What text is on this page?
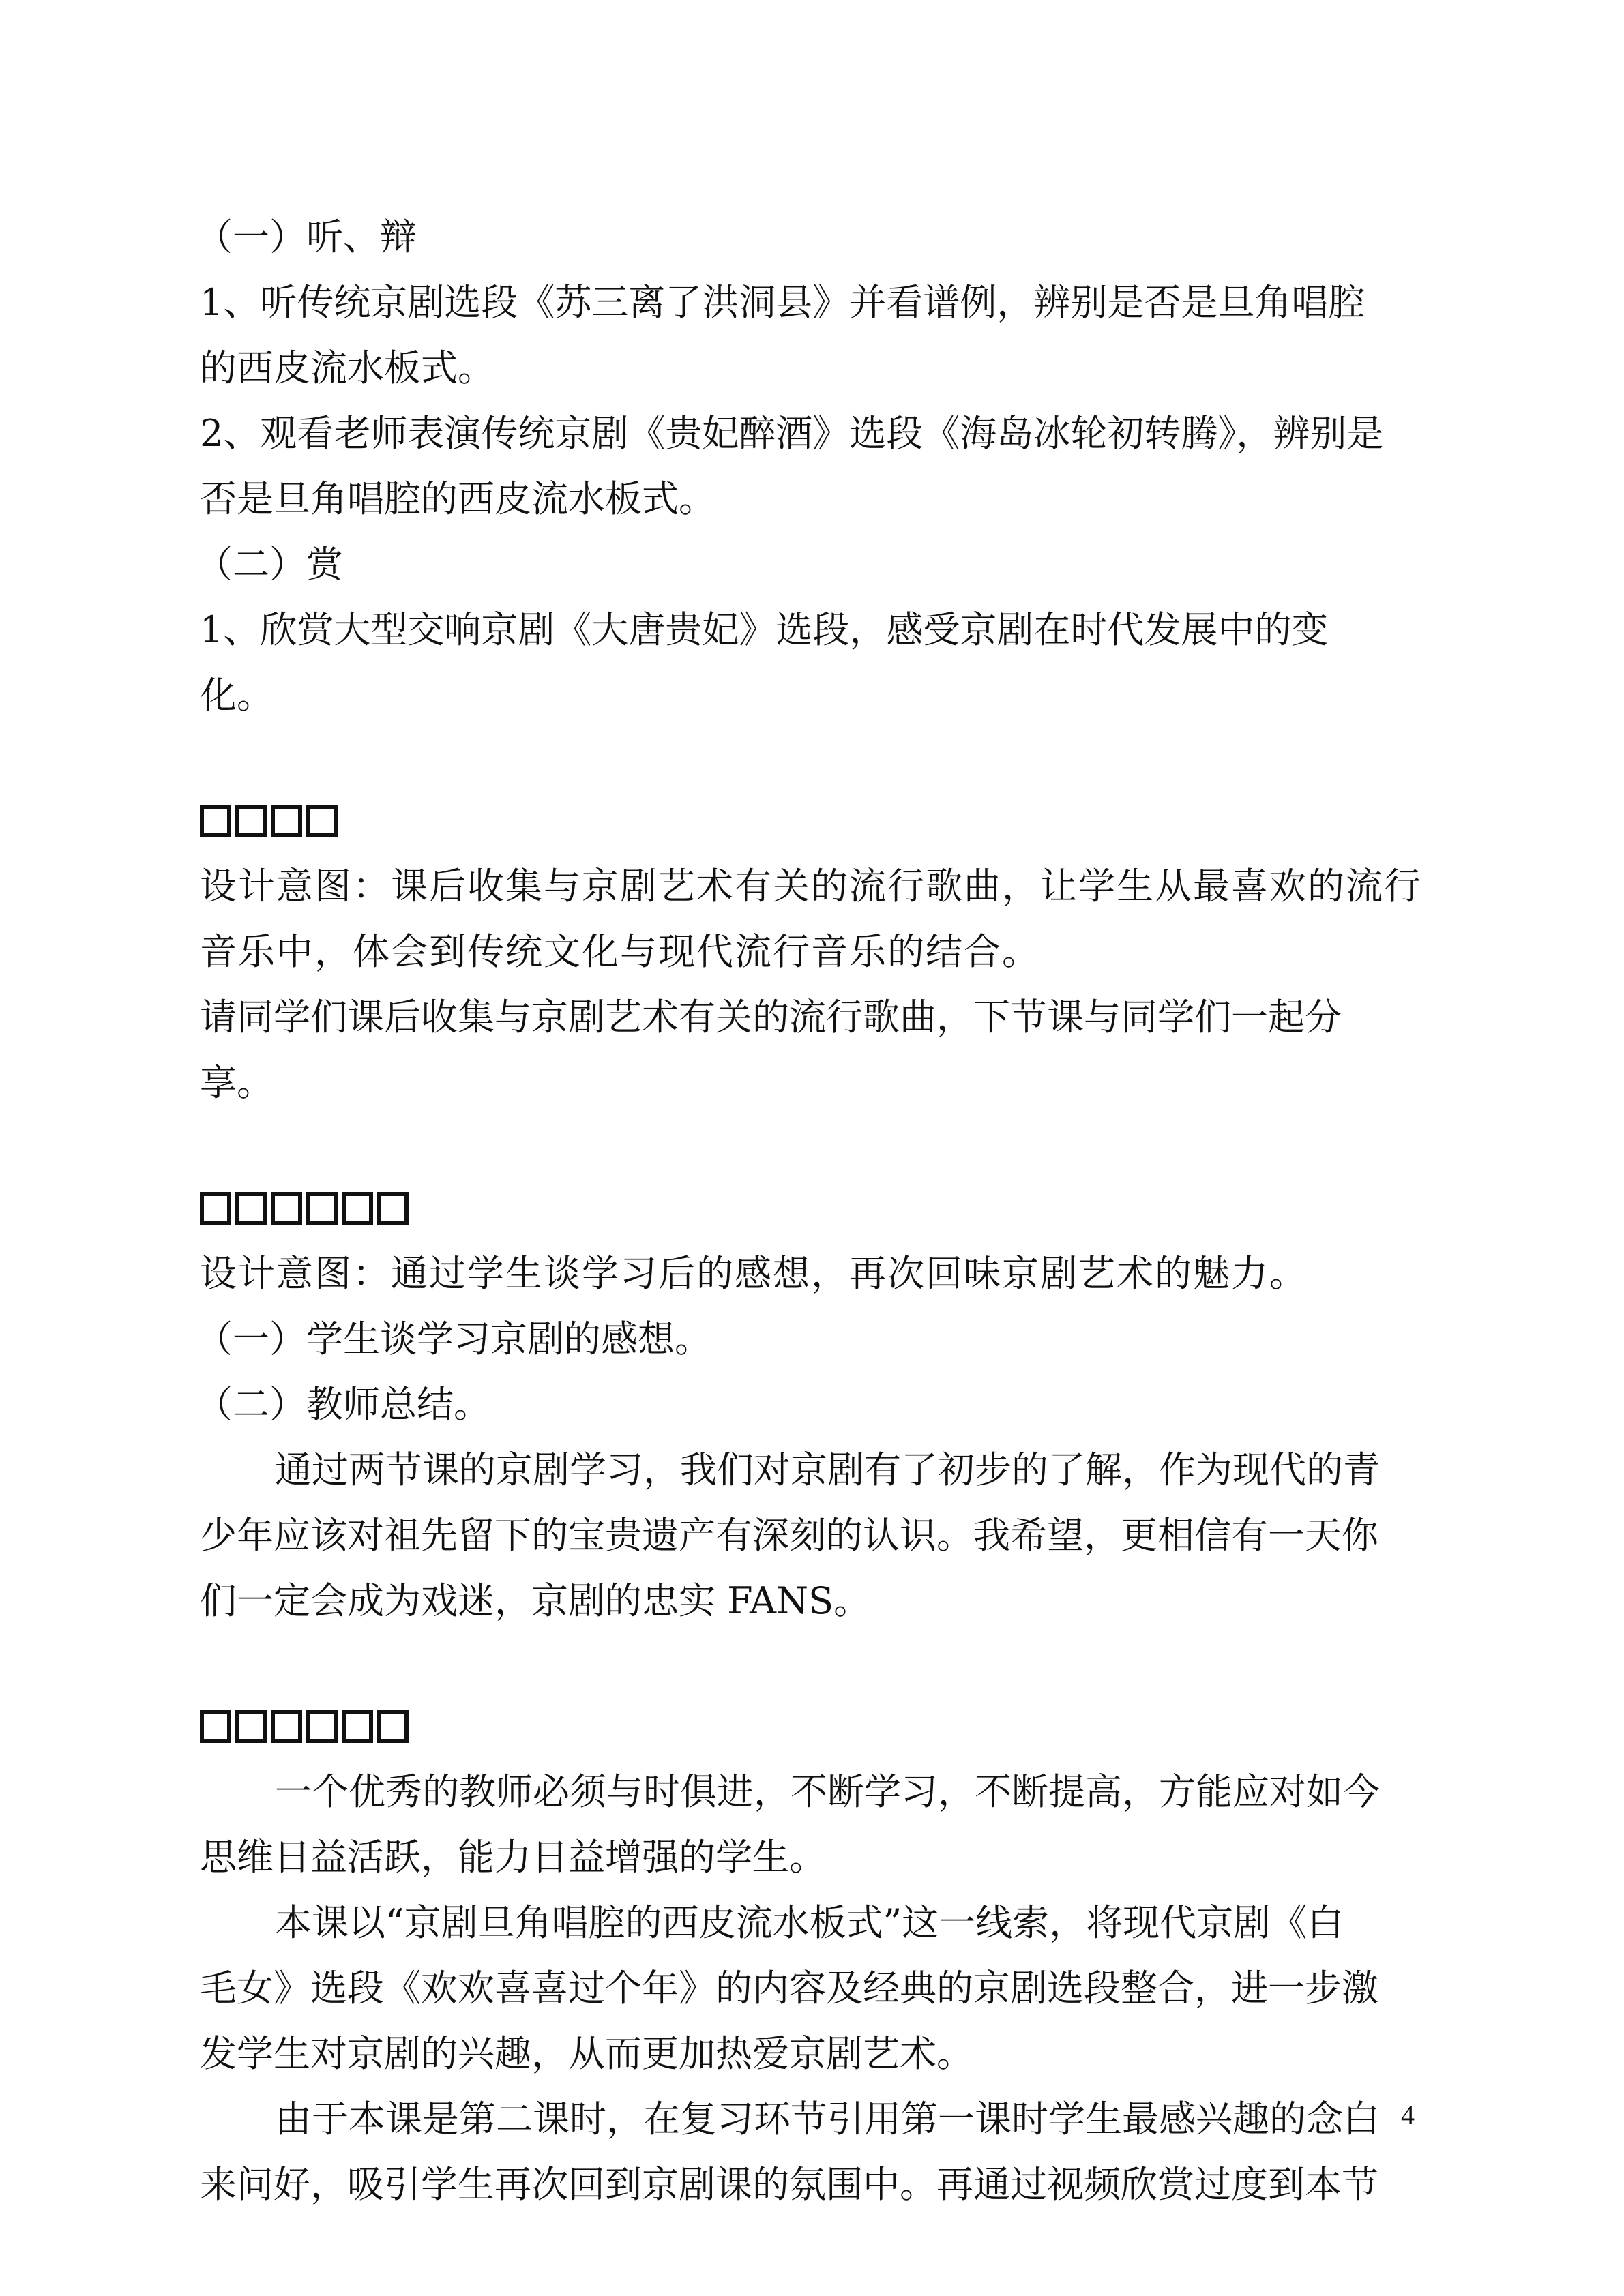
（一）听、辩
1、听传统京剧选段《苏三离了洪洞县》并看谱例，辨别是否是旦角唱腔
的西皮流水板式。
2、观看老师表演传统京剧《贵妃醉酒》选段《海岛冰轮初转腾》，辨别是
否是旦角唱腔的西皮流水板式。
（二）赏
1、欣赏大型交响京剧《大唐贵妃》选段，感受京剧在时代发展中的变
化。
设计意图：课后收集与京剧艺术有关的流行歌曲，让学生从最喜欢的流行
音乐中，体会到传统文化与现代流行音乐的结合。
请同学们课后收集与京剧艺术有关的流行歌曲，下节课与同学们一起分
享。
设计意图：通过学生谈学习后的感想，再次回味京剧艺术的魅力。
（一）学生谈学习京剧的感想。
（二）教师总结。
通过两节课的京剧学习，我们对京剧有了初步的了解，作为现代的青
少年应该对祖先留下的宝贵遗产有深刻的认识。我希望，更相信有一天你
们一定会成为戏迷，京剧的忠实 FANS。
一个优秀的教师必须与时俱进，不断学习，不断提高，方能应对如今
思维日益活跃，能力日益增强的学生。
本课以“京剧旦角唱腔的西皮流水板式”这一线索，将现代京剧《白
毛女》选段《欢欢喜喜过个年》的内容及经典的京剧选段整合，进一步激
发学生对京剧的兴趣，从而更加热爱京剧艺术。
由于本课是第二课时，在复习环节引用第一课时学生最感兴趣的念白
来问好，吸引学生再次回到京剧课的氛围中。再通过视频欣赏过度到本节
4
